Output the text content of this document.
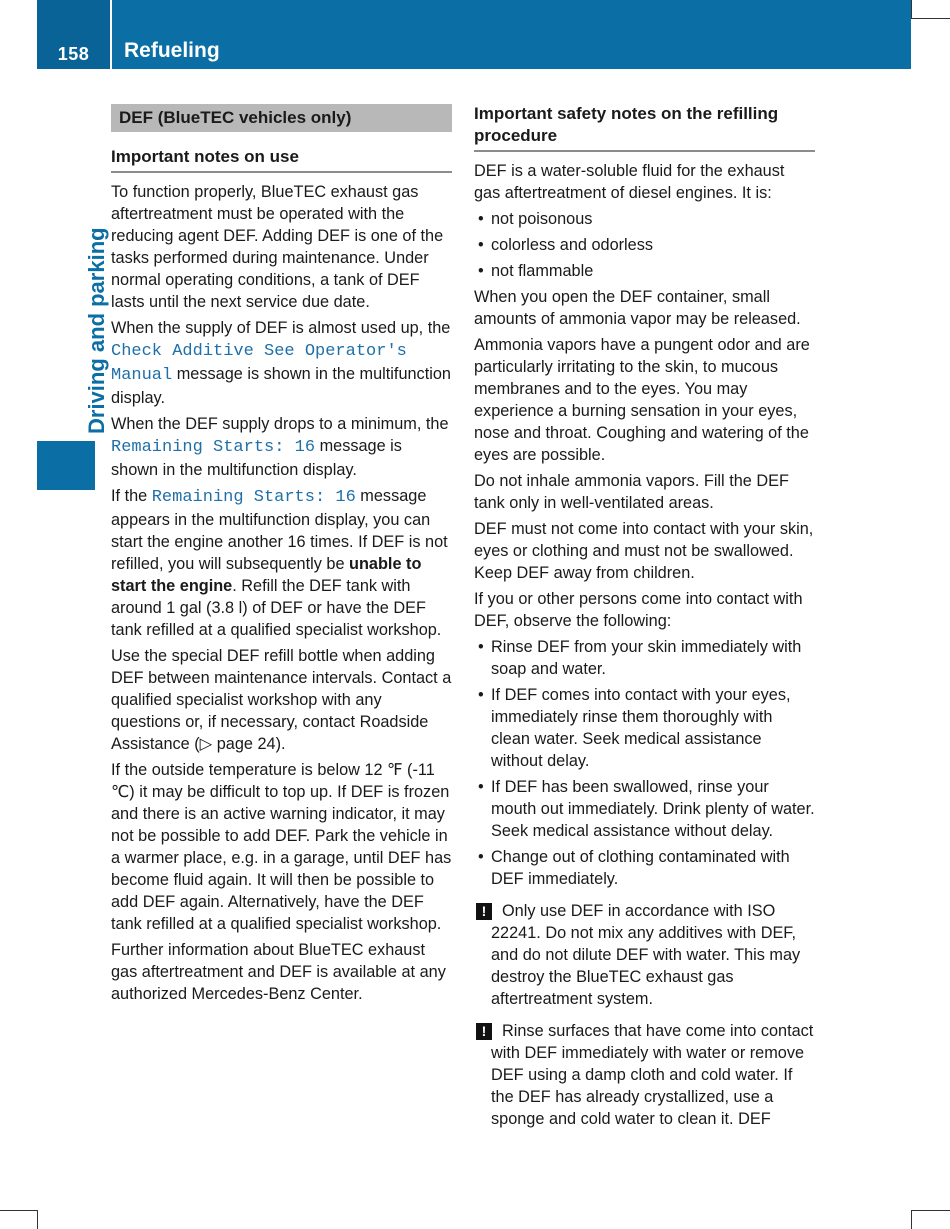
158	Refueling
Driving and parking
DEF (BlueTEC vehicles only)
Important notes on use

To function properly, BlueTEC exhaust gas aftertreatment must be operated with the reducing agent DEF. Adding DEF is one of the tasks performed during maintenance. Under normal operating conditions, a tank of DEF lasts until the next service due date.

When the supply of DEF is almost used up, the Check Additive See Operator's Manual message is shown in the multifunction display.

When the DEF supply drops to a minimum, the Remaining Starts: 16 message is shown in the multifunction display.

If the Remaining Starts: 16 message appears in the multifunction display, you can start the engine another 16 times. If DEF is not refilled, you will subsequently be unable to start the engine. Refill the DEF tank with around 1 gal (3.8 l) of DEF or have the DEF tank refilled at a qualified specialist workshop.

Use the special DEF refill bottle when adding DEF between maintenance intervals. Contact a qualified specialist workshop with any questions or, if necessary, contact Roadside Assistance (▷ page 24).

If the outside temperature is below 12 ℉ (-11 ℃) it may be difficult to top up. If DEF is frozen and there is an active warning indicator, it may not be possible to add DEF. Park the vehicle in a warmer place, e.g. in a garage, until DEF has become fluid again. It will then be possible to add DEF again. Alternatively, have the DEF tank refilled at a qualified specialist workshop.

Further information about BlueTEC exhaust gas aftertreatment and DEF is available at any authorized Mercedes-Benz Center.

Important safety notes on the refilling procedure

DEF is a water-soluble fluid for the exhaust gas aftertreatment of diesel engines. It is:

• not poisonous
• colorless and odorless
• not flammable

When you open the DEF container, small amounts of ammonia vapor may be released.

Ammonia vapors have a pungent odor and are particularly irritating to the skin, to mucous membranes and to the eyes. You may experience a burning sensation in your eyes, nose and throat. Coughing and watering of the eyes are possible.

Do not inhale ammonia vapors. Fill the DEF tank only in well-ventilated areas.

DEF must not come into contact with your skin, eyes or clothing and must not be swallowed. Keep DEF away from children.

If you or other persons come into contact with DEF, observe the following:

• Rinse DEF from your skin immediately with soap and water.
• If DEF comes into contact with your eyes, immediately rinse them thoroughly with clean water. Seek medical assistance without delay.
• If DEF has been swallowed, rinse your mouth out immediately. Drink plenty of water. Seek medical assistance without delay.
• Change out of clothing contaminated with DEF immediately.
! Only use DEF in accordance with ISO 22241. Do not mix any additives with DEF, and do not dilute DEF with water. This may destroy the BlueTEC exhaust gas aftertreatment system.
! Rinse surfaces that have come into contact with DEF immediately with water or remove DEF using a damp cloth and cold water. If the DEF has already crystallized, use a sponge and cold water to clean it. DEF
